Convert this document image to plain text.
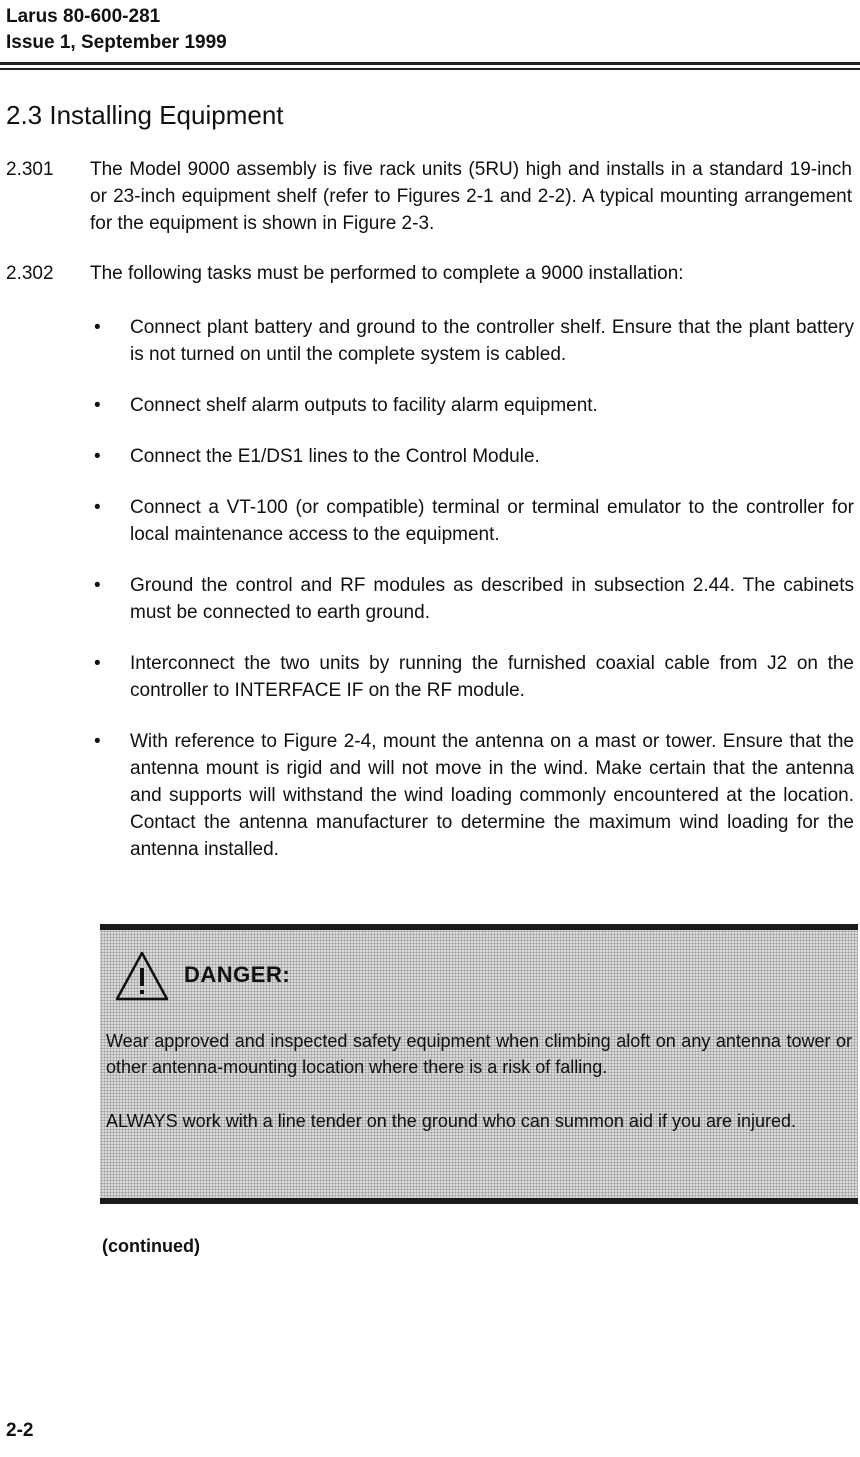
Larus 80-600-281
Issue 1, September 1999
2.3 Installing Equipment
2.301	The Model 9000 assembly is five rack units (5RU) high and installs in a standard 19-inch or 23-inch equipment shelf (refer to Figures 2-1 and 2-2). A typical mounting arrangement for the equipment is shown in Figure 2-3.
2.302	The following tasks must be performed to complete a 9000 installation:
• Connect plant battery and ground to the controller shelf. Ensure that the plant battery is not turned on until the complete system is cabled.
• Connect shelf alarm outputs to facility alarm equipment.
• Connect the E1/DS1 lines to the Control Module.
• Connect a VT-100 (or compatible) terminal or terminal emulator to the controller for local maintenance access to the equipment.
• Ground the control and RF modules as described in subsection 2.44. The cabinets must be connected to earth ground.
• Interconnect the two units by running the furnished coaxial cable from J2 on the controller to INTERFACE IF on the RF module.
• With reference to Figure 2-4, mount the antenna on a mast or tower. Ensure that the antenna mount is rigid and will not move in the wind. Make certain that the antenna and supports will withstand the wind loading commonly encountered at the location. Contact the antenna manufacturer to determine the maximum wind loading for the antenna installed.
DANGER:
Wear approved and inspected safety equipment when climbing aloft on any antenna tower or other antenna-mounting location where there is a risk of falling.
ALWAYS work with a line tender on the ground who can summon aid if you are injured.
(continued)
2-2
